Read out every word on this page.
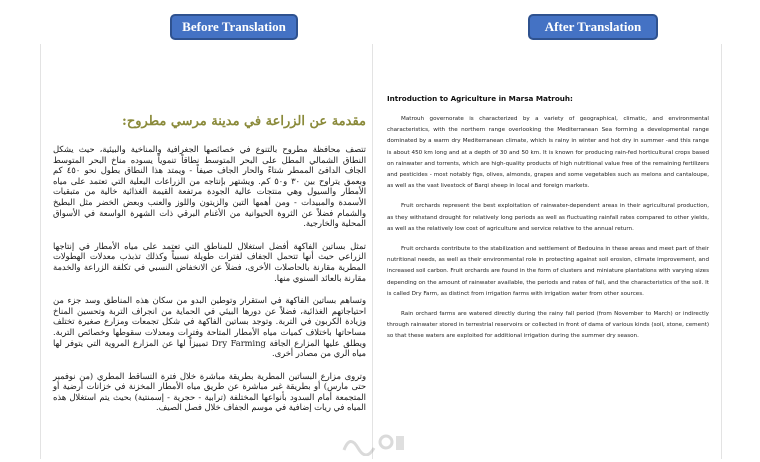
Before Translation	After Translation
مقدمة عن الزراعة في مدينة مرسي مطروح:

تتصف محافظة مطروح بالتنوع في خصائصها الجغرافية والمناخية والبيئية، حيث يشكل النطاق الشمالي المطل على البحر المتوسط نطاقاً تنموياً يسوده مناخ البحر المتوسط الجاف الدافئ الممطر شتاءً والحار الجاف صيفاً - ويمتد هذا النطاق بطول نحو ٤٥٠ كم وبعمق يتراوح بين ٣٠ و٥٠ كم. ويشتهر بإنتاجه من الزراعات البعلية التي تعتمد على مياه الأمطار والسيول وهي منتجات عالية الجودة مرتفعة القيمة الغذائية خالية من متبقيات الأسمدة والمبيدات - ومن أهمها التين والزيتون واللوز والعنب وبعض الخضر مثل البطيخ والشمام فضلاً عن الثروة الحيوانية من الأغنام البرقي ذات الشهرة الواسعة في الأسواق المحلية والخارجية.

تمثل بساتين الفاكهة أفضل استغلال للمناطق التي تعتمد على مياه الأمطار في إنتاجها الزراعي حيث أنها تتحمل الجفاف لفترات طويلة نسبياً وكذلك تذبذب معدلات الهطولات المطرية مقارنة بالحاصلات الأخرى، فضلاً عن الانخفاض النسبي في تكلفة الزراعة والخدمة مقارنة بالعائد السنوي منها.

وتساهم بساتين الفاكهة في استقرار وتوطين البدو من سكان هذه المناطق وسد جزء من احتياجاتهم الغذائية، فضلاً عن دورها البيئي في الحماية من انجراف التربة وتحسين المناخ وزيادة الكربون في التربة. وتوجد بساتين الفاكهة في شكل تجمعات ومزارع صغيرة تختلف مساحاتها باختلاف كميات مياه الأمطار المتاحة وفترات ومعدلات سقوطها وخصائص التربة. ويطلق عليها المزارع الجافة Dry Farming تمييزاً لها عن المزارع المروية التي يتوفر لها مياه الري من مصادر أخرى.

وتروى مزارع البساتين المطرية بطريقة مباشرة خلال فترة التساقط المطري (من نوفمبر حتى مارس) أو بطريقة غير مباشرة عن طريق مياه الأمطار المخزنة في خزانات أرضية أو المتجمعة أمام السدود بأنواعها المختلفة (ترابية - حجرية - إسمنتية) بحيث يتم استغلال هذه المياه في ريات إضافية في موسم الجفاف خلال فصل الصيف.

Introduction to Agriculture in Marsa Matrouh:

Matrouh governorate is characterized by a variety of geographical, climatic, and environmental characteristics, with the northern range overlooking the Mediterranean Sea forming a developmental range dominated by a warm dry Mediterranean climate, which is rainy in winter and hot dry in summer -and this range is about 450 km long and at a depth of 30 and 50 km. It is known for producing rain-fed horticultural crops based on rainwater and torrents, which are high-quality products of high nutritional value free of the remaining fertilizers and pesticides - most notably figs, olives, almonds, grapes and some vegetables such as melons and cantaloupe, as well as the vast livestock of Barqi sheep in local and foreign markets.

Fruit orchards represent the best exploitation of rainwater-dependent areas in their agricultural production, as they withstand drought for relatively long periods as well as fluctuating rainfall rates compared to other yields, as well as the relatively low cost of agriculture and service relative to the annual return.

Fruit orchards contribute to the stabilization and settlement of Bedouins in these areas and meet part of their nutritional needs, as well as their environmental role in protecting against soil erosion, climate improvement, and increased soil carbon. Fruit orchards are found in the form of clusters and miniature plantations with varying sizes depending on the amount of rainwater available, the periods and rates of fall, and the characteristics of the soil. It is called Dry Farm, as distinct from irrigation farms with irrigation water from other sources.

Rain orchard farms are watered directly during the rainy fall period (from November to March) or indirectly through rainwater stored in terrestrial reservoirs or collected in front of dams of various kinds (soil, stone, cement) so that these waters are exploited for additional irrigation during the summer dry season.
